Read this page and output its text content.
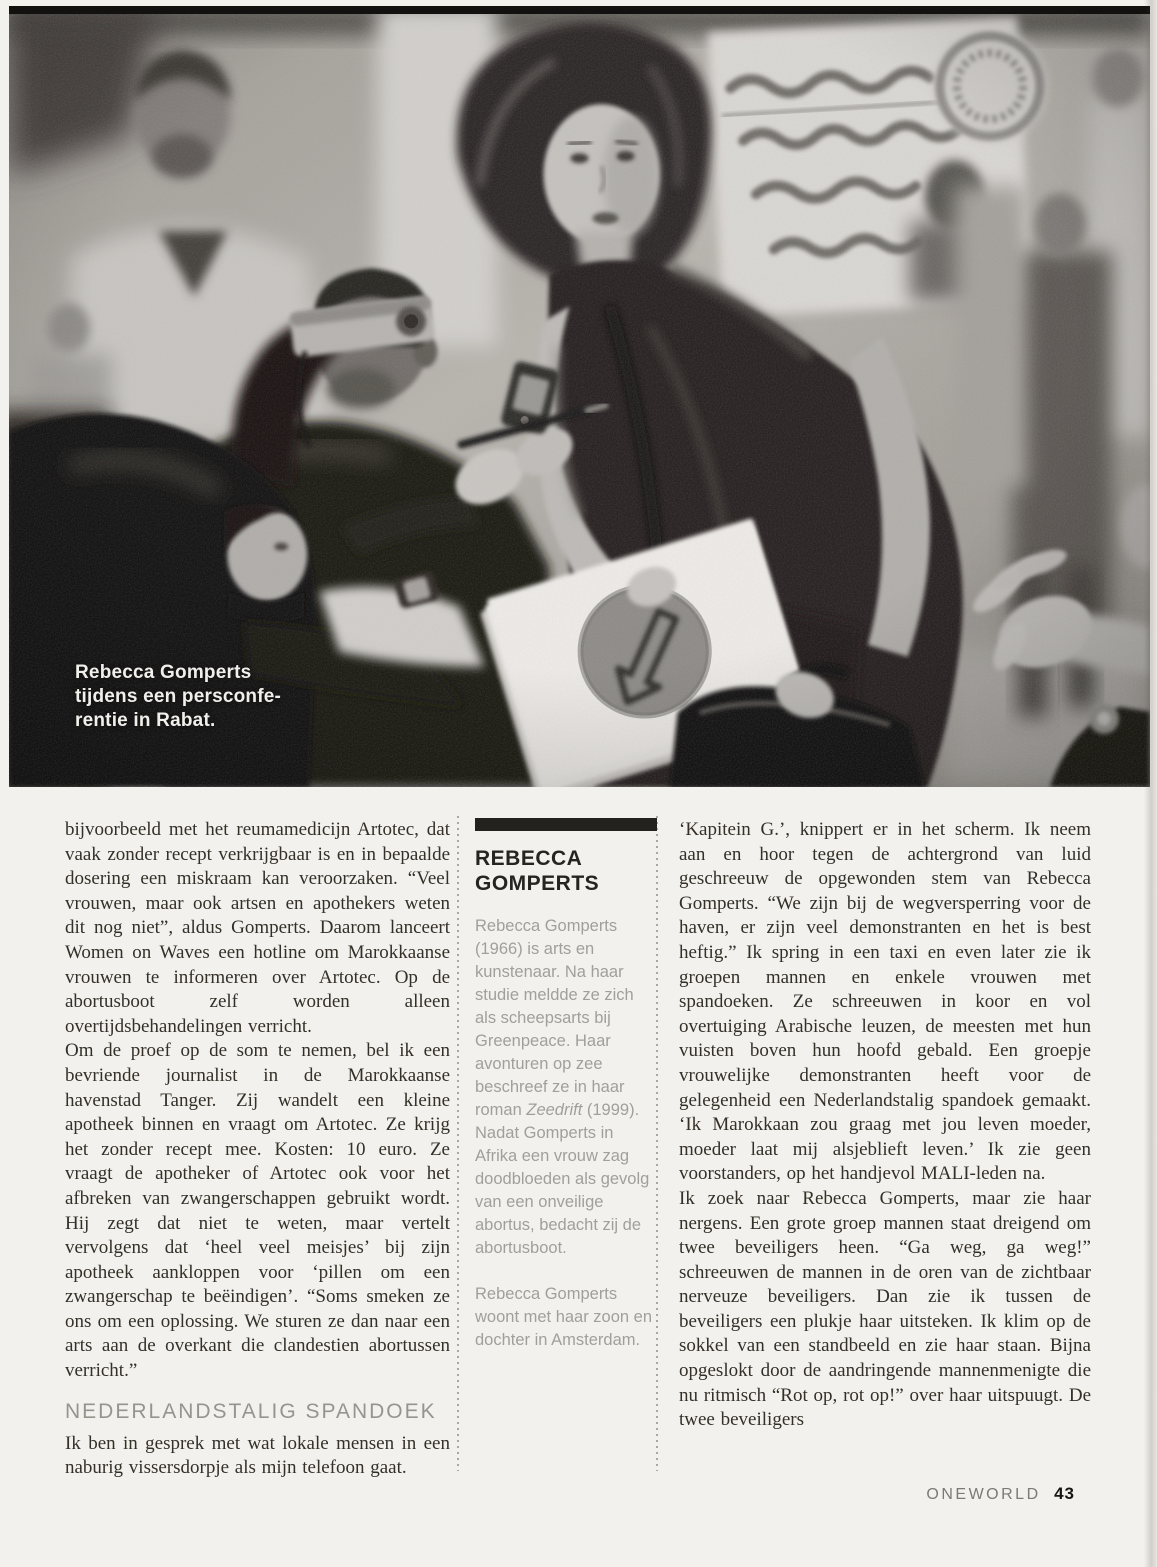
Rebecca Gomperts
tijdens een persconfe-
rentie in Rabat.

bijvoorbeeld met het reumamedicijn Artotec, dat vaak zonder recept verkrijgbaar is en in bepaalde dosering een miskraam kan veroorzaken. “Veel vrouwen, maar ook artsen en apothekers weten dit nog niet”, aldus Gomperts. Daarom lanceert Women on Waves een hotline om Marokkaanse vrouwen te informeren over Artotec. Op de abortusboot zelf worden alleen overtijdsbehandelingen verricht.

Om de proef op de som te nemen, bel ik een bevriende journalist in de Marokkaanse havenstad Tanger. Zij wandelt een kleine apotheek binnen en vraagt om Artotec. Ze krijg het zonder recept mee. Kosten: 10 euro. Ze vraagt de apotheker of Artotec ook voor het afbreken van zwangerschappen gebruikt wordt. Hij zegt dat niet te weten, maar vertelt vervolgens dat ‘heel veel meisjes’ bij zijn apotheek aankloppen voor ‘pillen om een zwangerschap te beëindigen’. “Soms smeken ze ons om een oplossing. We sturen ze dan naar een arts aan de overkant die clandestien abortussen verricht.”

NEDERLANDSTALIG SPANDOEK

Ik ben in gesprek met wat lokale mensen in een naburig vissersdorpje als mijn telefoon gaat.

REBECCA
GOMPERTS

Rebecca Gomperts (1966) is arts en kunstenaar. Na haar studie meldde ze zich als scheepsarts bij Greenpeace. Haar avonturen op zee beschreef ze in haar roman Zeedrift (1999).

Nadat Gomperts in Afrika een vrouw zag doodbloeden als gevolg van een onveilige abortus, bedacht zij de abortusboot.

Rebecca Gomperts woont met haar zoon en dochter in Amsterdam.

‘Kapitein G.’, knippert er in het scherm. Ik neem aan en hoor tegen de achtergrond van luid geschreeuw de opgewonden stem van Rebecca Gomperts. “We zijn bij de wegversperring voor de haven, er zijn veel demonstranten en het is best heftig.” Ik spring in een taxi en even later zie ik groepen mannen en enkele vrouwen met spandoeken. Ze schreeuwen in koor en vol overtuiging Arabische leuzen, de meesten met hun vuisten boven hun hoofd gebald. Een groepje vrouwelijke demonstranten heeft voor de gelegenheid een Nederlandstalig spandoek gemaakt. ‘Ik Marokkaan zou graag met jou leven moeder, moeder laat mij alsjeblieft leven.’ Ik zie geen voorstanders, op het handjevol MALI-leden na.

Ik zoek naar Rebecca Gomperts, maar zie haar nergens. Een grote groep mannen staat dreigend om twee beveiligers heen. “Ga weg, ga weg!” schreeuwen de mannen in de oren van de zichtbaar nerveuze beveiligers. Dan zie ik tussen de beveiligers een plukje haar uitsteken. Ik klim op de sokkel van een standbeeld en zie haar staan. Bijna opgeslokt door de aandringende mannenmenigte die nu ritmisch “Rot op, rot op!” over haar uitspuugt. De twee beveiligers

ONEWORLD 43
